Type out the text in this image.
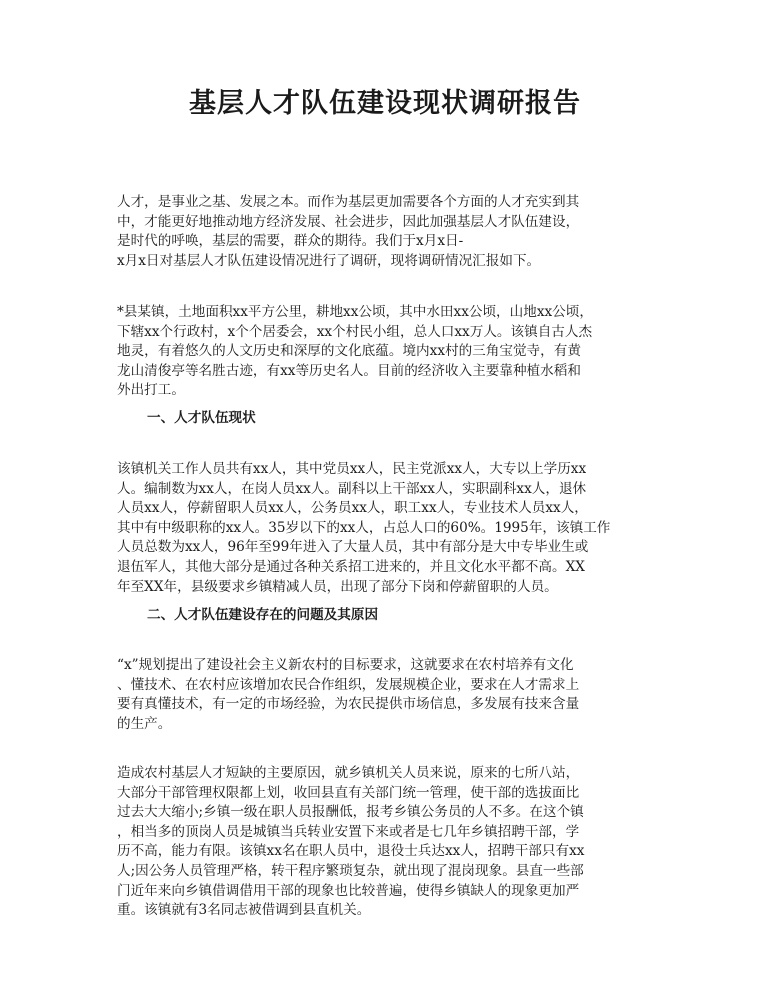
基层人才队伍建设现状调研报告

人才，是事业之基、发展之本。而作为基层更加需要各个方面的人才充实到其
中，才能更好地推动地方经济发展、社会进步，因此加强基层人才队伍建设，
是时代的呼唤，基层的需要，群众的期待。我们于x月x日-
x月x日对基层人才队伍建设情况进行了调研，现将调研情况汇报如下。

*县某镇，土地面积xx平方公里，耕地xx公顷，其中水田xx公顷，山地xx公顷，
下辖xx个行政村，x个个居委会，xx个村民小组，总人口xx万人。该镇自古人杰
地灵，有着悠久的人文历史和深厚的文化底蕴。境内xx村的三角宝觉寺，有黄
龙山清俊亭等名胜古迹，有xx等历史名人。目前的经济收入主要靠种植水稻和
外出打工。

一、人才队伍现状

该镇机关工作人员共有xx人，其中党员xx人，民主党派xx人，大专以上学历xx
人。编制数为xx人，在岗人员xx人。副科以上干部xx人，实职副科xx人，退休
人员xx人，停薪留职人员xx人，公务员xx人，职工xx人，专业技术人员xx人，
其中有中级职称的xx人。35岁以下的xx人，占总人口的60%。1995年，该镇工作
人员总数为xx人，96年至99年进入了大量人员，其中有部分是大中专毕业生或
退伍军人，其他大部分是通过各种关系招工进来的，并且文化水平都不高。XX
年至XX年，县级要求乡镇精减人员，出现了部分下岗和停薪留职的人员。

二、人才队伍建设存在的问题及其原因

“x”规划提出了建设社会主义新农村的目标要求，这就要求在农村培养有文化
、懂技术、在农村应该增加农民合作组织，发展规模企业，要求在人才需求上
要有真懂技术，有一定的市场经验，为农民提供市场信息，多发展有技来含量
的生产。

造成农村基层人才短缺的主要原因，就乡镇机关人员来说，原来的七所八站，
大部分干部管理权限都上划，收回县直有关部门统一管理，使干部的选拔面比
过去大大缩小;乡镇一级在职人员报酬低，报考乡镇公务员的人不多。在这个镇
，相当多的顶岗人员是城镇当兵转业安置下来或者是七几年乡镇招聘干部，学
历不高，能力有限。该镇xx名在职人员中，退役士兵达xx人，招聘干部只有xx
人;因公务人员管理严格，转干程序繁琐复杂，就出现了混岗现象。县直一些部
门近年来向乡镇借调借用干部的现象也比较普遍，使得乡镇缺人的现象更加严
重。该镇就有3名同志被借调到县直机关。
